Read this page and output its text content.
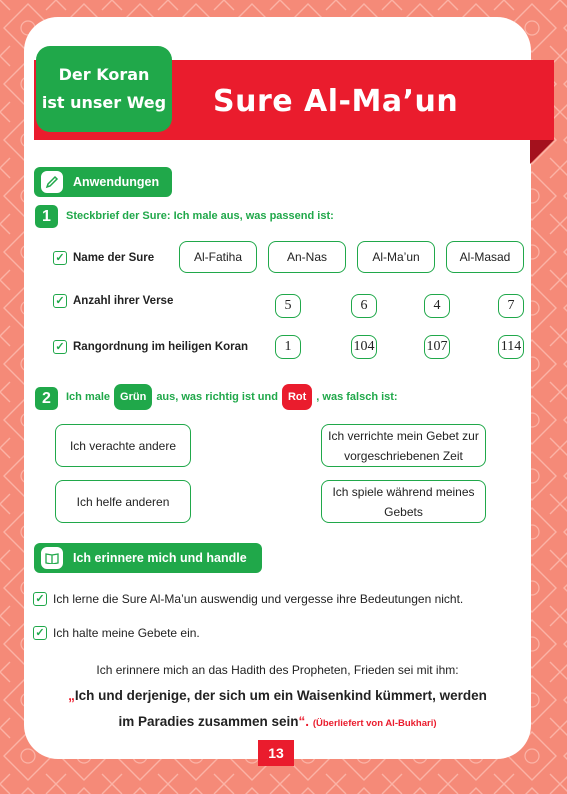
Sure Al-Ma’un
Der Koran
ist unser Weg
Anwendungen
1	Steckbrief der Sure: Ich male aus, was passend ist:
✓ Name der Sure	Al-Fatiha	An-Nas	Al-Ma’un	Al-Masad
✓ Anzahl ihrer Verse	5	6	4	7
✓ Rangordnung im heiligen Koran	1	104	107	114
2	Ich male Grün aus, was richtig ist und Rot , was falsch ist:
Ich verachte andere
Ich verrichte mein Gebet zur vorgeschriebenen Zeit
Ich helfe anderen
Ich spiele während meines Gebets
Ich erinnere mich und handle
✓ Ich lerne die Sure Al-Ma’un auswendig und vergesse ihre Bedeutungen nicht.
✓ Ich halte meine Gebete ein.
Ich erinnere mich an das Hadith des Propheten, Frieden sei mit ihm:
„Ich und derjenige, der sich um ein Waisenkind kümmert, werden
im Paradies zusammen sein“. (Überliefert von Al-Bukhari)
13
